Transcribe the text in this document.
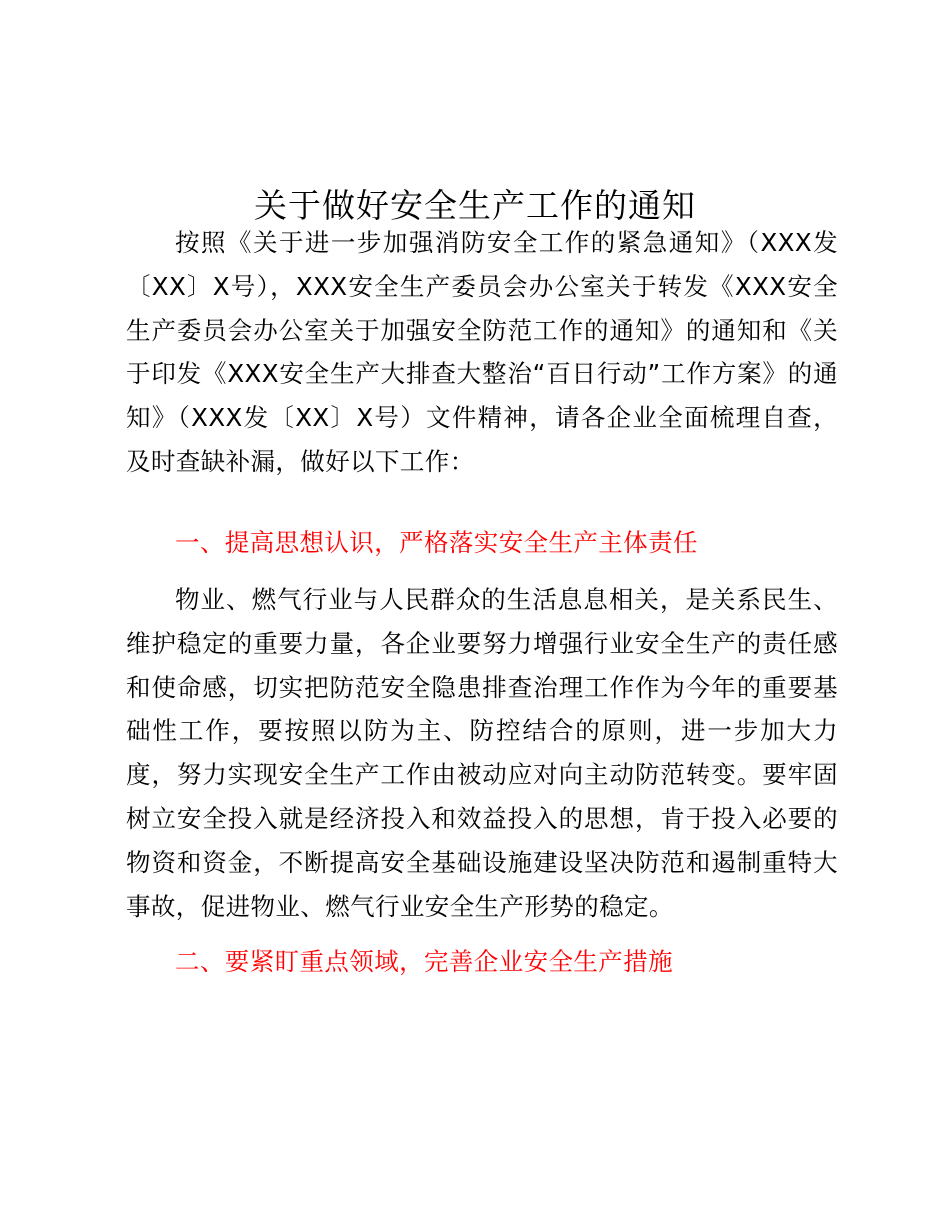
关于做好安全生产工作的通知

按照《关于进一步加强消防安全工作的紧急通知》（XXX发〔XX〕X号），XXX安全生产委员会办公室关于转发《XXX安全生产委员会办公室关于加强安全防范工作的通知》的通知和《关于印发《XXX安全生产大排查大整治“百日行动”工作方案》的通知》（XXX发〔XX〕X号）文件精神，请各企业全面梳理自查，及时查缺补漏，做好以下工作：

一、提高思想认识，严格落实安全生产主体责任

物业、燃气行业与人民群众的生活息息相关，是关系民生、维护稳定的重要力量，各企业要努力增强行业安全生产的责任感和使命感，切实把防范安全隐患排查治理工作作为今年的重要基础性工作，要按照以防为主、防控结合的原则，进一步加大力度，努力实现安全生产工作由被动应对向主动防范转变。要牢固树立安全投入就是经济投入和效益投入的思想，肯于投入必要的物资和资金，不断提高安全基础设施建设坚决防范和遏制重特大事故，促进物业、燃气行业安全生产形势的稳定。

二、要紧盯重点领域，完善企业安全生产措施
